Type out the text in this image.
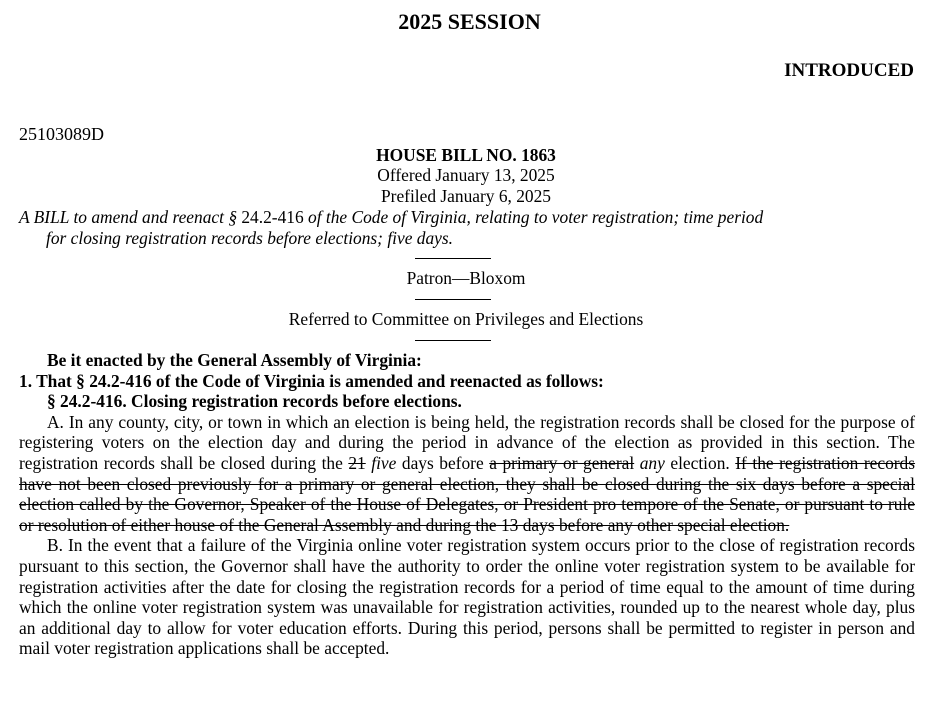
2025 SESSION
INTRODUCED
25103089D
HOUSE BILL NO. 1863
Offered January 13, 2025
Prefiled January 6, 2025
A BILL to amend and reenact § 24.2-416 of the Code of Virginia, relating to voter registration; time period
for closing registration records before elections; five days.
Patron—Bloxom
Referred to Committee on Privileges and Elections

Be it enacted by the General Assembly of Virginia:

1. That § 24.2-416 of the Code of Virginia is amended and reenacted as follows:

§ 24.2-416. Closing registration records before elections.

A. In any county, city, or town in which an election is being held, the registration records shall be closed for the purpose of registering voters on the election day and during the period in advance of the election as provided in this section. The registration records shall be closed during the 21 five days before a primary or general any election. If the registration records have not been closed previously for a primary or general election, they shall be closed during the six days before a special election called by the Governor, Speaker of the House of Delegates, or President pro tempore of the Senate, or pursuant to rule or resolution of either house of the General Assembly and during the 13 days before any other special election.

B. In the event that a failure of the Virginia online voter registration system occurs prior to the close of registration records pursuant to this section, the Governor shall have the authority to order the online voter registration system to be available for registration activities after the date for closing the registration records for a period of time equal to the amount of time during which the online voter registration system was unavailable for registration activities, rounded up to the nearest whole day, plus an additional day to allow for voter education efforts. During this period, persons shall be permitted to register in person and mail voter registration applications shall be accepted.
